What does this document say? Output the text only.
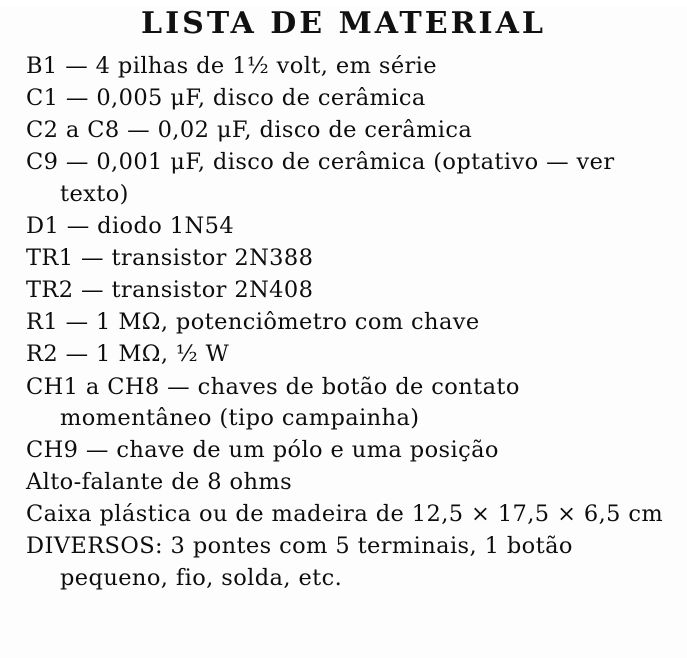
LISTA DE MATERIAL
B1 — 4 pilhas de 1½ volt, em série
C1 — 0,005 μF, disco de cerâmica
C2 a C8 — 0,02 μF, disco de cerâmica
C9 — 0,001 μF, disco de cerâmica (optativo — ver texto)
D1 — diodo 1N54
TR1 — transistor 2N388
TR2 — transistor 2N408
R1 — 1 MΩ, potenciômetro com chave
R2 — 1 MΩ, ½ W
CH1 a CH8 — chaves de botão de contato momentâneo (tipo campainha)
CH9 — chave de um pólo e uma posição
Alto-falante de 8 ohms
Caixa plástica ou de madeira de 12,5 × 17,5 × 6,5 cm
DIVERSOS: 3 pontes com 5 terminais, 1 botão pequeno, fio, solda, etc.
